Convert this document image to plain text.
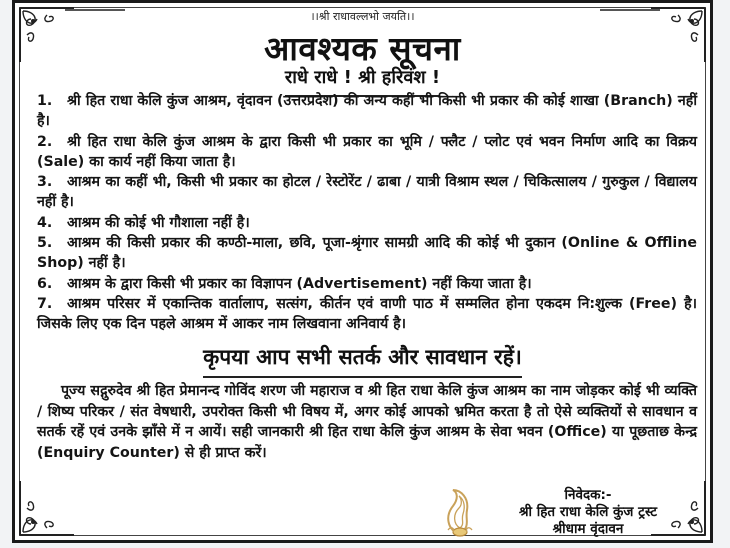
।।श्री राधावल्लभो जयति।।
आवश्यक सूचना
राधे राधे ! श्री हरिवंश !

1. श्री हित राधा केलि कुंज आश्रम, वृंदावन (उत्तरप्रदेश) की अन्य कहीं भी किसी भी प्रकार की कोई शाखा (Branch) नहीं है।

2. श्री हित राधा केलि कुंज आश्रम के द्वारा किसी भी प्रकार का भूमि / फ्लैट / प्लोट एवं भवन निर्माण आदि का विक्रय (Sale) का कार्य नहीं किया जाता है।

3. आश्रम का कहीं भी, किसी भी प्रकार का होटल / रेस्टोरेंट / ढाबा / यात्री विश्राम स्थल / चिकित्सालय / गुरुकुल / विद्यालय नहीं है।

4. आश्रम की कोई भी गौशाला नहीं है।

5. आश्रम की किसी प्रकार की कण्ठी-माला, छवि, पूजा-श्रृंगार सामग्री आदि की कोई भी दुकान (Online & Offline Shop) नहीं है।

6. आश्रम के द्वारा किसी भी प्रकार का विज्ञापन (Advertisement) नहीं किया जाता है।

7. आश्रम परिसर में एकान्तिक वार्तालाप, सत्संग, कीर्तन एवं वाणी पाठ में सम्मलित होना एकदम नि:शुल्क (Free) है। जिसके लिए एक दिन पहले आश्रम में आकर नाम लिखवाना अनिवार्य है।

कृपया आप सभी सतर्क और सावधान रहें।
पूज्य सद्गुरुदेव श्री हित प्रेमानन्द गोविंद शरण जी महाराज व श्री हित राधा केलि कुंज आश्रम का नाम जोड़कर कोई भी व्यक्ति / शिष्य परिकर / संत वेषधारी, उपरोक्त किसी भी विषय में, अगर कोई आपको भ्रमित करता है तो ऐसे व्यक्तियों से सावधान व सतर्क रहें एवं उनके झाँसे में न आयें। सही जानकारी श्री हित राधा केलि कुंज आश्रम के सेवा भवन (Office) या पूछताछ केन्द्र (Enquiry Counter) से ही प्राप्त करें।
निवेदक:-
श्री हित राधा केलि कुंज ट्रस्ट
श्रीधाम वृंदावन
